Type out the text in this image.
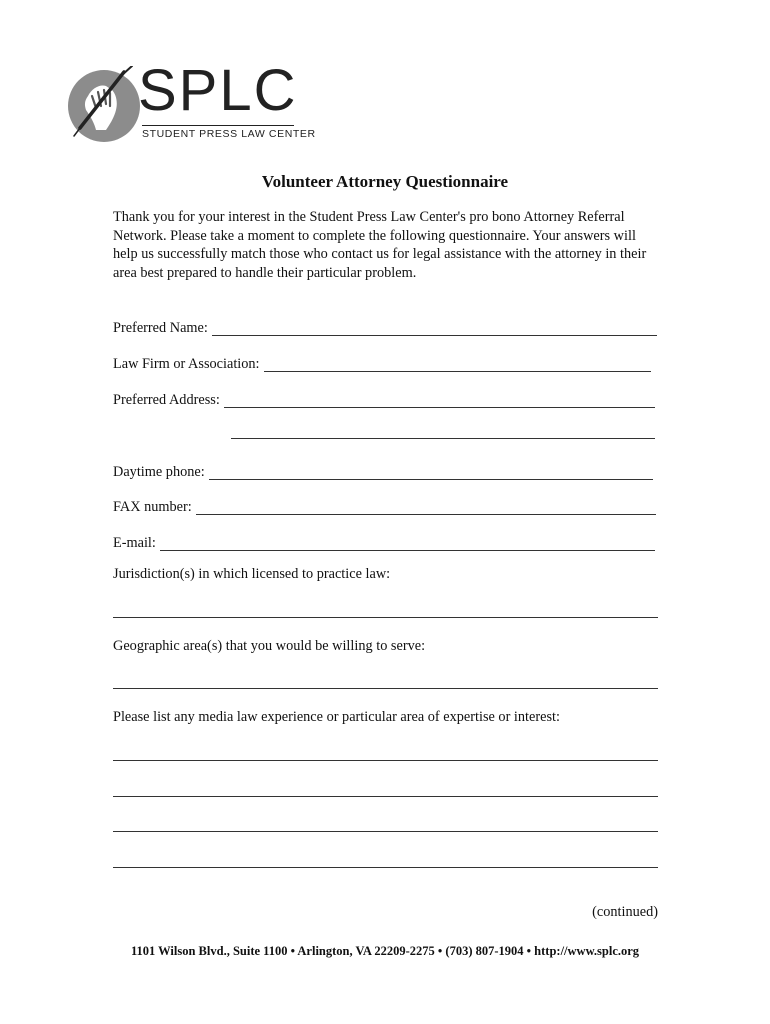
SPLC
STUDENT PRESS LAW CENTER
Volunteer Attorney Questionnaire

Thank you for your interest in the Student Press Law Center's pro bono Attorney Referral Network. Please take a moment to complete the following questionnaire. Your answers will help us successfully match those who contact us for legal assistance with the attorney in their area best prepared to handle their particular problem.

Preferred Name:
Law Firm or Association:
Preferred Address:
Daytime phone:
FAX number:
E-mail:
Jurisdiction(s) in which licensed to practice law:
Geographic area(s) that you would be willing to serve:
Please list any media law experience or particular area of expertise or interest:
(continued)
1101 Wilson Blvd., Suite 1100 • Arlington, VA 22209-2275 • (703) 807-1904 • http://www.splc.org
